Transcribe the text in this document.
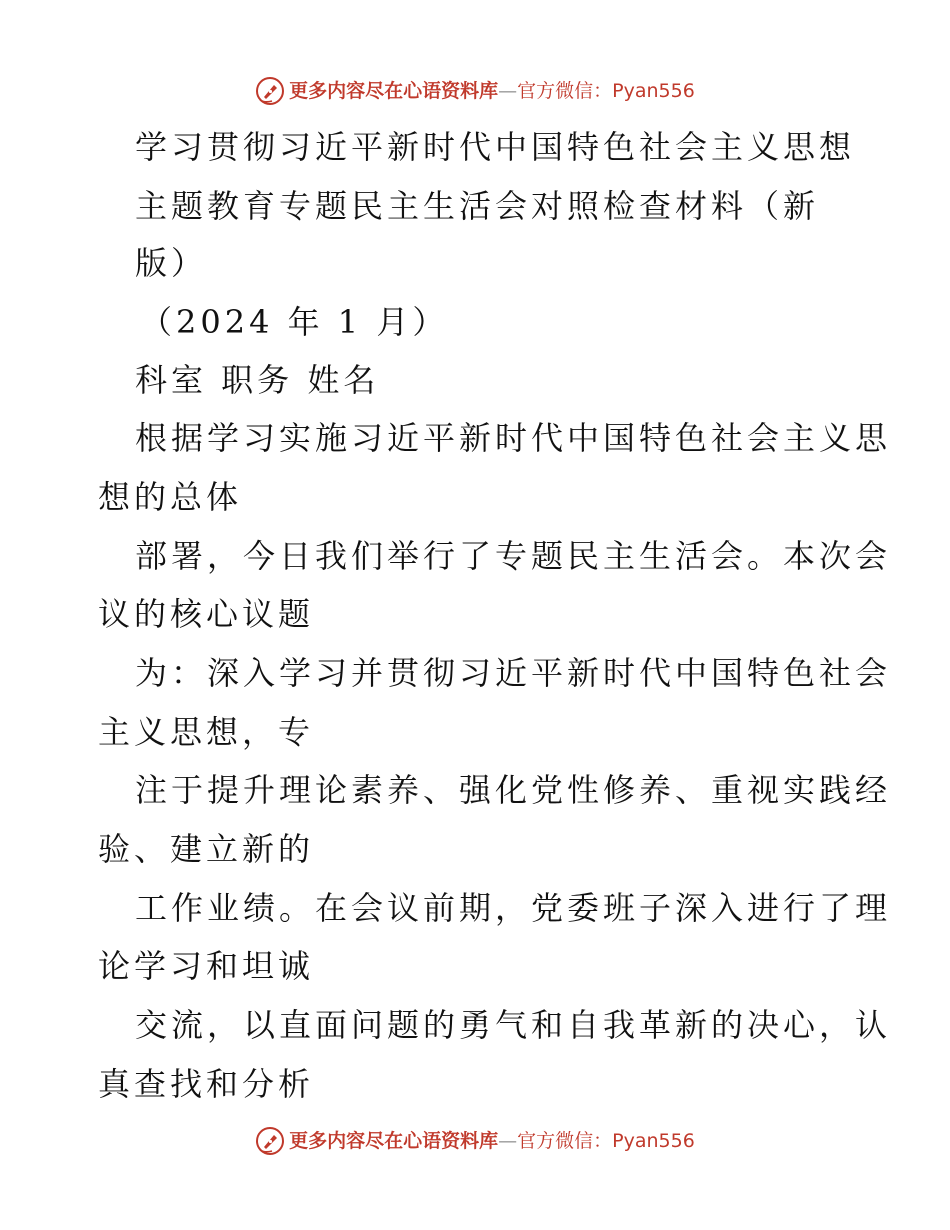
更多内容尽在心语资料库—官方微信：Pyan556
学习贯彻习近平新时代中国特色社会主义思想
主题教育专题民主生活会对照检查材料（新
版）
（2024 年 1 月）
科室 职务 姓名
根据学习实施习近平新时代中国特色社会主义思
想的总体
部署，今日我们举行了专题民主生活会。本次会
议的核心议题
为：深入学习并贯彻习近平新时代中国特色社会
主义思想，专
注于提升理论素养、强化党性修养、重视实践经
验、建立新的
工作业绩。在会议前期，党委班子深入进行了理
论学习和坦诚
交流，以直面问题的勇气和自我革新的决心，认
真查找和分析
更多内容尽在心语资料库—官方微信：Pyan556
